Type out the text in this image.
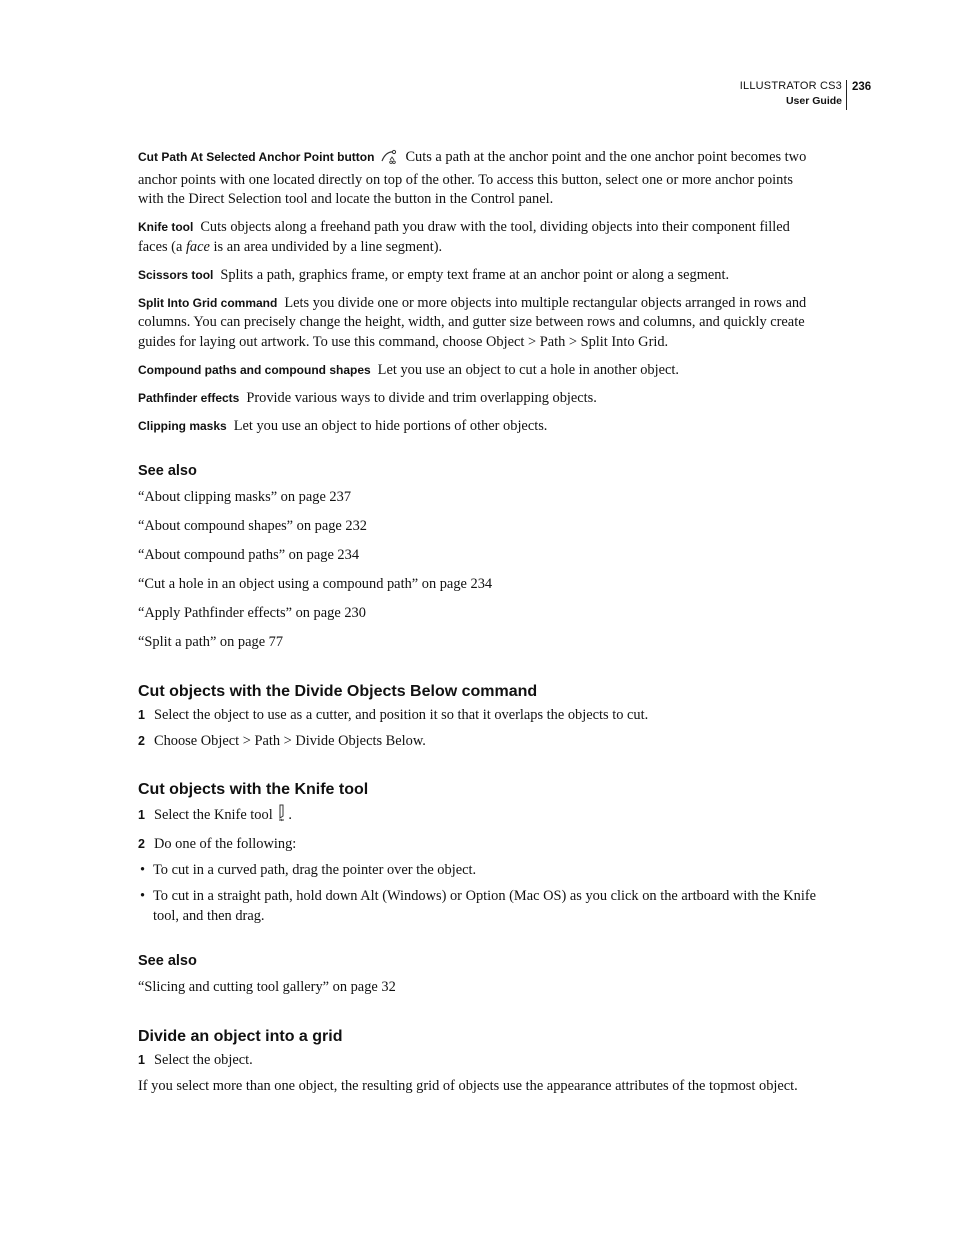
ILLUSTRATOR CS3
User Guide
236

Cut Path At Selected Anchor Point button Cuts a path at the anchor point and the one anchor point becomes two anchor points with one located directly on top of the other. To access this button, select one or more anchor points with the Direct Selection tool and locate the button in the Control panel.

Knife tool Cuts objects along a freehand path you draw with the tool, dividing objects into their component filled faces (a face is an area undivided by a line segment).

Scissors tool Splits a path, graphics frame, or empty text frame at an anchor point or along a segment.

Split Into Grid command Lets you divide one or more objects into multiple rectangular objects arranged in rows and columns. You can precisely change the height, width, and gutter size between rows and columns, and quickly create guides for laying out artwork. To use this command, choose Object > Path > Split Into Grid.

Compound paths and compound shapes Let you use an object to cut a hole in another object.

Pathfinder effects Provide various ways to divide and trim overlapping objects.

Clipping masks Let you use an object to hide portions of other objects.

See also

“About clipping masks” on page 237

“About compound shapes” on page 232

“About compound paths” on page 234

“Cut a hole in an object using a compound path” on page 234

“Apply Pathfinder effects” on page 230

“Split a path” on page 77

Cut objects with the Divide Objects Below command

1 Select the object to use as a cutter, and position it so that it overlaps the objects to cut.

2 Choose Object > Path > Divide Objects Below.

Cut objects with the Knife tool

1 Select the Knife tool .

2 Do one of the following:

• To cut in a curved path, drag the pointer over the object.
• To cut in a straight path, hold down Alt (Windows) or Option (Mac OS) as you click on the artboard with the Knife tool, and then drag.
See also

“Slicing and cutting tool gallery” on page 32

Divide an object into a grid

1 Select the object.

If you select more than one object, the resulting grid of objects use the appearance attributes of the topmost object.
